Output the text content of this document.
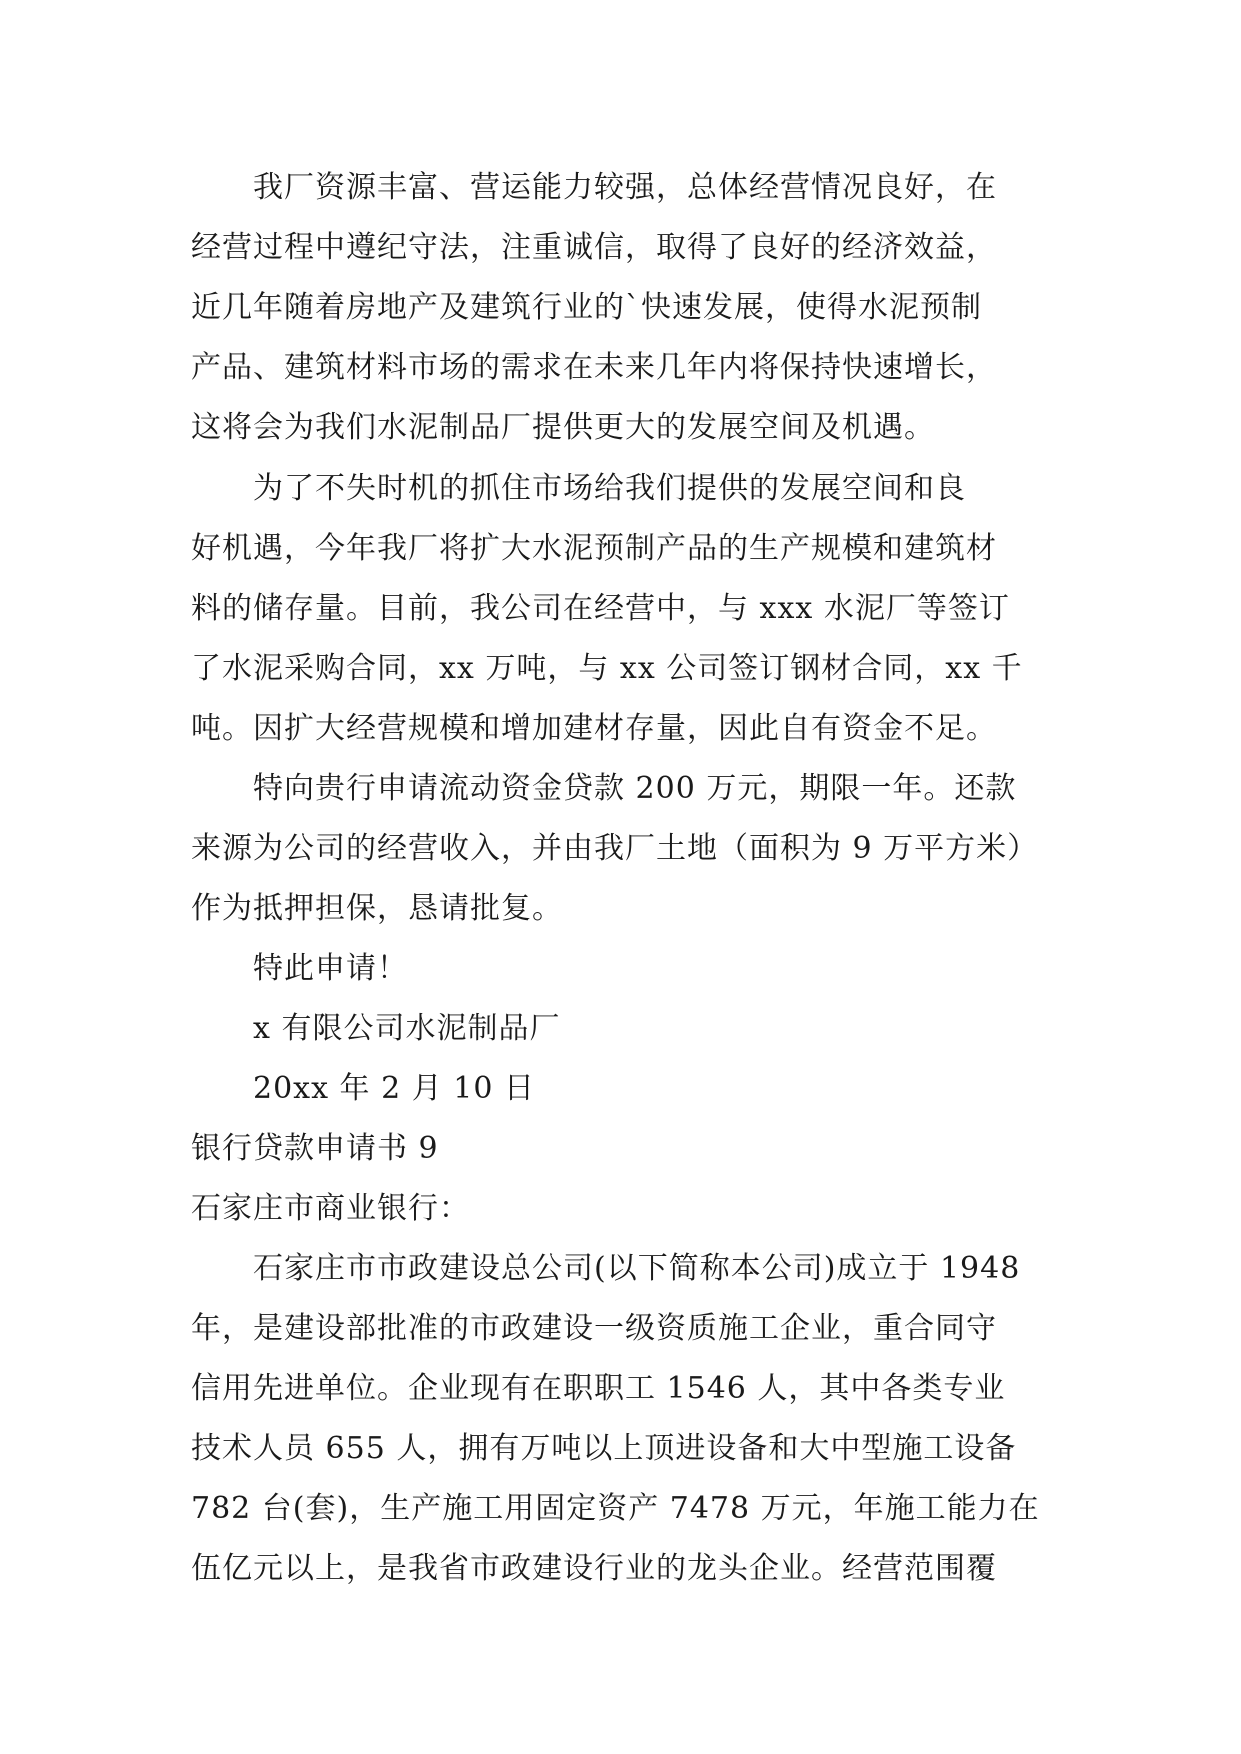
我厂资源丰富、营运能力较强，总体经营情况良好，在
经营过程中遵纪守法，注重诚信，取得了良好的经济效益，
近几年随着房地产及建筑行业的`快速发展，使得水泥预制
产品、建筑材料市场的需求在未来几年内将保持快速增长，
这将会为我们水泥制品厂提供更大的发展空间及机遇。
为了不失时机的抓住市场给我们提供的发展空间和良
好机遇，今年我厂将扩大水泥预制产品的生产规模和建筑材
料的储存量。目前，我公司在经营中，与 xxx 水泥厂等签订
了水泥采购合同，xx 万吨，与 xx 公司签订钢材合同，xx 千
吨。因扩大经营规模和增加建材存量，因此自有资金不足。
特向贵行申请流动资金贷款 200 万元，期限一年。还款
来源为公司的经营收入，并由我厂土地（面积为 9 万平方米）
作为抵押担保，恳请批复。
特此申请！
x 有限公司水泥制品厂
20xx 年 2 月 10 日
银行贷款申请书 9
石家庄市商业银行：
石家庄市市政建设总公司(以下简称本公司)成立于 1948
年，是建设部批准的市政建设一级资质施工企业，重合同守
信用先进单位。企业现有在职职工 1546 人，其中各类专业
技术人员 655 人，拥有万吨以上顶进设备和大中型施工设备
782 台(套)，生产施工用固定资产 7478 万元，年施工能力在
伍亿元以上，是我省市政建设行业的龙头企业。经营范围覆
